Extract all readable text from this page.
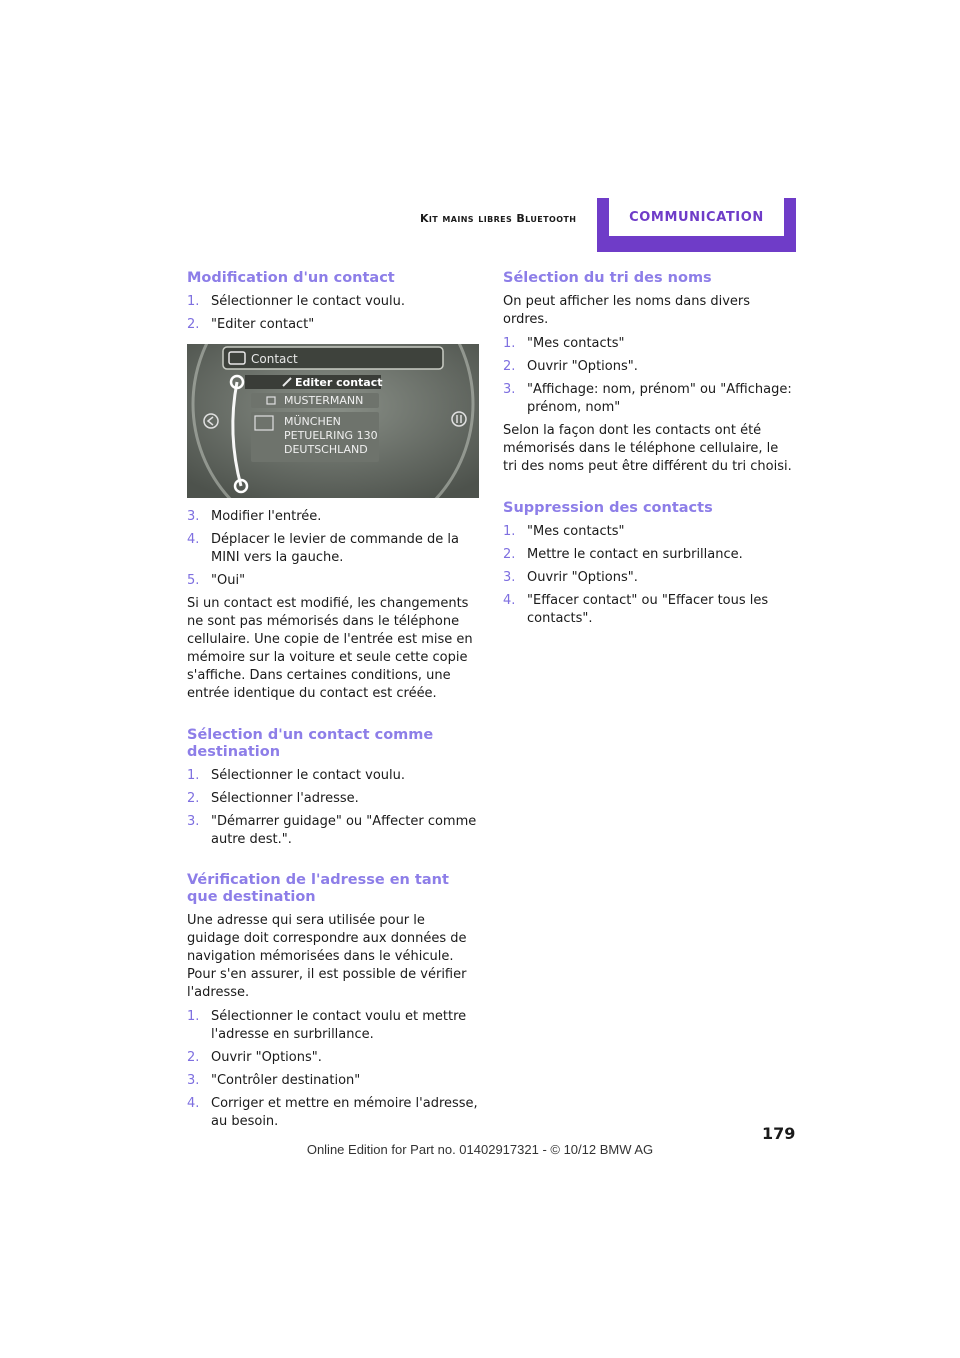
Kit mains libres Bluetooth	COMMUNICATION
Modification d'un contact
1. Sélectionner le contact voulu.
2. "Editer contact"
Contact
Editer contact
MUSTERMANN
MÜNCHEN
PETUELRING 130
DEUTSCHLAND
3. Modifier l'entrée.
4. Déplacer le levier de commande de la MINI vers la gauche.
5. "Oui"

Si un contact est modifié, les changements ne sont pas mémorisés dans le téléphone cellulaire. Une copie de l'entrée est mise en mémoire sur la voiture et seule cette copie s'affiche. Dans certaines conditions, une entrée identique du contact est créée.

Sélection d'un contact comme destination
1. Sélectionner le contact voulu.
2. Sélectionner l'adresse.
3. "Démarrer guidage" ou "Affecter comme autre dest.".
Vérification de l'adresse en tant que destination

Une adresse qui sera utilisée pour le guidage doit correspondre aux données de navigation mémorisées dans le véhicule. Pour s'en assurer, il est possible de vérifier l'adresse.

1. Sélectionner le contact voulu et mettre l'adresse en surbrillance.
2. Ouvrir "Options".
3. "Contrôler destination"
4. Corriger et mettre en mémoire l'adresse, au besoin.
Sélection du tri des noms

On peut afficher les noms dans divers ordres.

1. "Mes contacts"
2. Ouvrir "Options".
3. "Affichage: nom, prénom" ou "Affichage: prénom, nom"

Selon la façon dont les contacts ont été mémorisés dans le téléphone cellulaire, le tri des noms peut être différent du tri choisi.

Suppression des contacts
1. "Mes contacts"
2. Mettre le contact en surbrillance.
3. Ouvrir "Options".
4. "Effacer contact" ou "Effacer tous les contacts".
179
Online Edition for Part no. 01402917321 - © 10/12 BMW AG
